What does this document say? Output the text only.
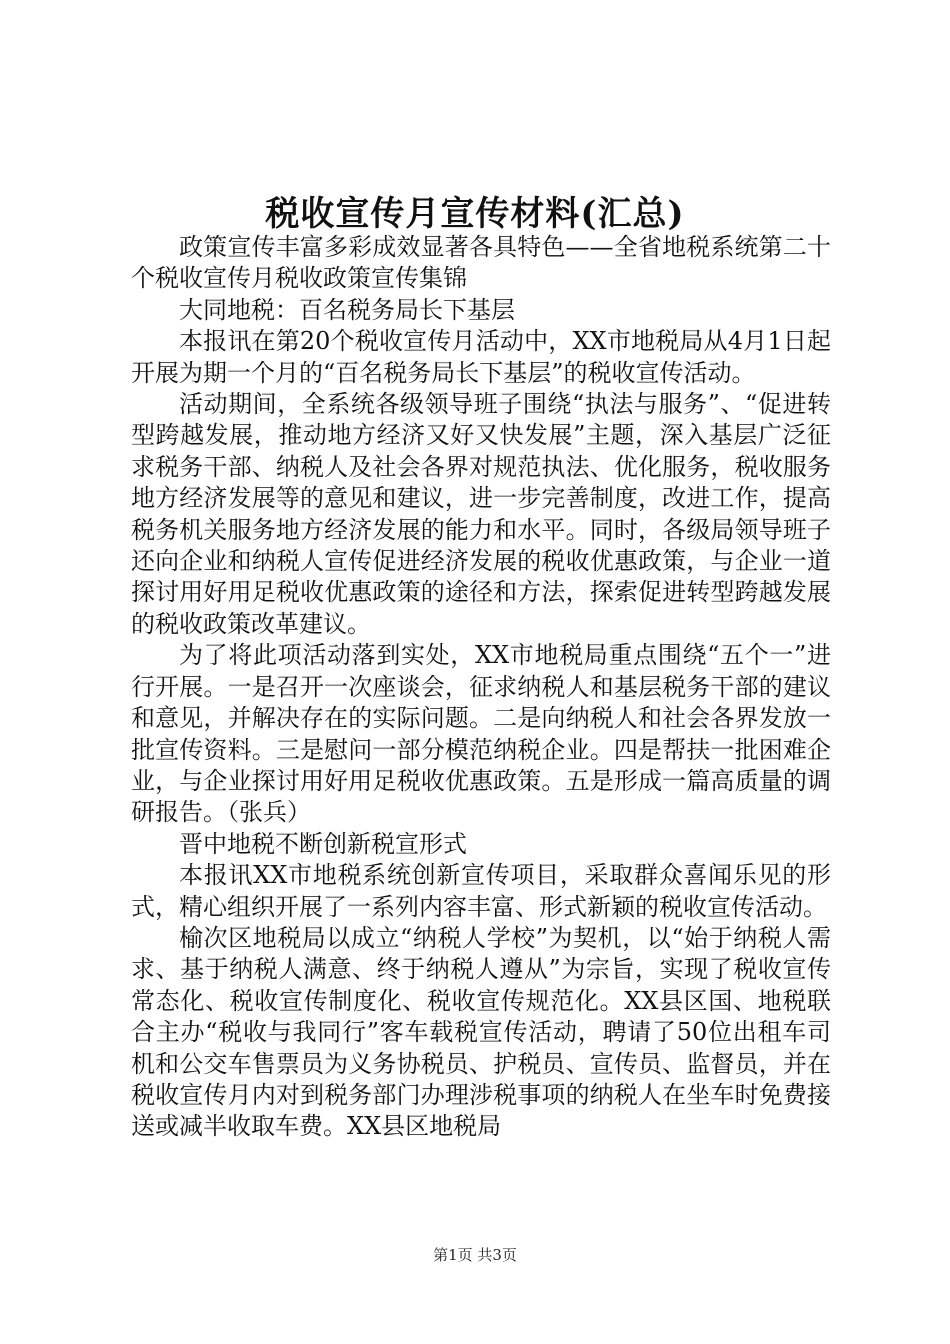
税收宣传月宣传材料(汇总)

政策宣传丰富多彩成效显著各具特色——全省地税系统第二十个税收宣传月税收政策宣传集锦

大同地税：百名税务局长下基层

本报讯在第20个税收宣传月活动中，XX市地税局从4月1日起开展为期一个月的“百名税务局长下基层”的税收宣传活动。

活动期间，全系统各级领导班子围绕“执法与服务”、“促进转型跨越发展，推动地方经济又好又快发展”主题，深入基层广泛征求税务干部、纳税人及社会各界对规范执法、优化服务，税收服务地方经济发展等的意见和建议，进一步完善制度，改进工作，提高税务机关服务地方经济发展的能力和水平。同时，各级局领导班子还向企业和纳税人宣传促进经济发展的税收优惠政策，与企业一道探讨用好用足税收优惠政策的途径和方法，探索促进转型跨越发展的税收政策改革建议。

为了将此项活动落到实处，XX市地税局重点围绕“五个一”进行开展。一是召开一次座谈会，征求纳税人和基层税务干部的建议和意见，并解决存在的实际问题。二是向纳税人和社会各界发放一批宣传资料。三是慰问一部分模范纳税企业。四是帮扶一批困难企业，与企业探讨用好用足税收优惠政策。五是形成一篇高质量的调研报告。（张兵）

晋中地税不断创新税宣形式

本报讯XX市地税系统创新宣传项目，采取群众喜闻乐见的形式，精心组织开展了一系列内容丰富、形式新颖的税收宣传活动。

榆次区地税局以成立“纳税人学校”为契机，以“始于纳税人需求、基于纳税人满意、终于纳税人遵从”为宗旨，实现了税收宣传常态化、税收宣传制度化、税收宣传规范化。XX县区国、地税联合主办“税收与我同行”客车载税宣传活动，聘请了50位出租车司机和公交车售票员为义务协税员、护税员、宣传员、监督员，并在税收宣传月内对到税务部门办理涉税事项的纳税人在坐车时免费接送或减半收取车费。XX县区地税局

第1页 共3页
